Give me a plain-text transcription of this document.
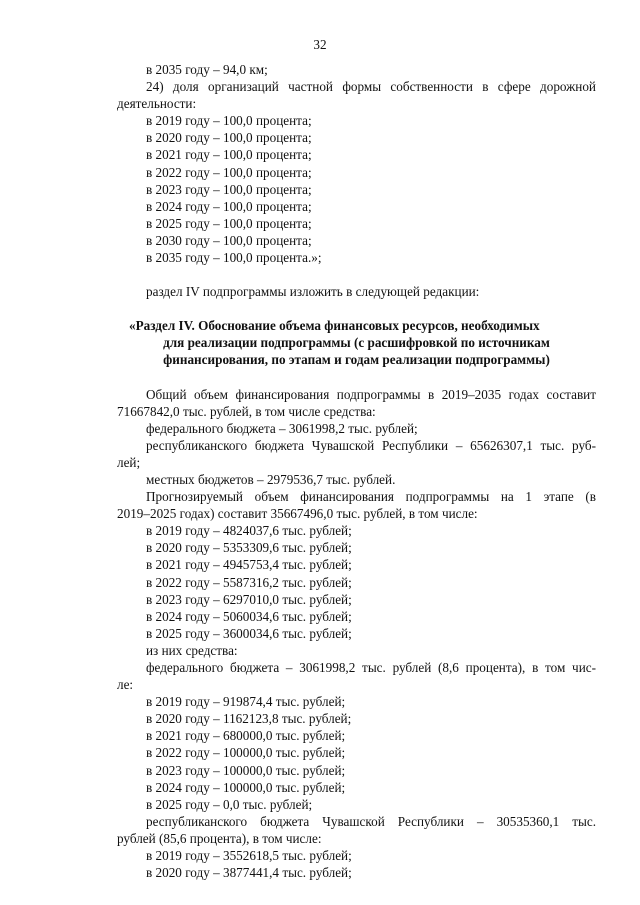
32
в 2035 году – 94,0 км;
24) доля организаций частной формы собственности в сфере дорожной
деятельности:
в 2019 году – 100,0 процента;
в 2020 году – 100,0 процента;
в 2021 году – 100,0 процента;
в 2022 году – 100,0 процента;
в 2023 году – 100,0 процента;
в 2024 году – 100,0 процента;
в 2025 году – 100,0 процента;
в 2030 году – 100,0 процента;
в 2035 году – 100,0 процента.»;
раздел IV подпрограммы изложить в следующей редакции:
«Раздел IV. Обоснование объема финансовых ресурсов, необходимых
для реализации подпрограммы (с расшифровкой по источникам
финансирования, по этапам и годам реализации подпрограммы)
Общий объем финансирования подпрограммы в 2019–2035 годах составит
71667842,0 тыс. рублей, в том числе средства:
федерального бюджета – 3061998,2 тыс. рублей;
республиканского бюджета Чувашской Республики – 65626307,1 тыс. руб-
лей;
местных бюджетов – 2979536,7 тыс. рублей.
Прогнозируемый объем финансирования подпрограммы на 1 этапе (в
2019–2025 годах) составит 35667496,0 тыс. рублей, в том числе:
в 2019 году – 4824037,6 тыс. рублей;
в 2020 году – 5353309,6 тыс. рублей;
в 2021 году – 4945753,4 тыс. рублей;
в 2022 году – 5587316,2 тыс. рублей;
в 2023 году – 6297010,0 тыс. рублей;
в 2024 году – 5060034,6 тыс. рублей;
в 2025 году – 3600034,6 тыс. рублей;
из них средства:
федерального бюджета – 3061998,2 тыс. рублей (8,6 процента), в том чис-
ле:
в 2019 году – 919874,4 тыс. рублей;
в 2020 году – 1162123,8 тыс. рублей;
в 2021 году – 680000,0 тыс. рублей;
в 2022 году – 100000,0 тыс. рублей;
в 2023 году – 100000,0 тыс. рублей;
в 2024 году – 100000,0 тыс. рублей;
в 2025 году – 0,0 тыс. рублей;
республиканского бюджета Чувашской Республики – 30535360,1 тыс.
рублей (85,6 процента), в том числе:
в 2019 году – 3552618,5 тыс. рублей;
в 2020 году – 3877441,4 тыс. рублей;
